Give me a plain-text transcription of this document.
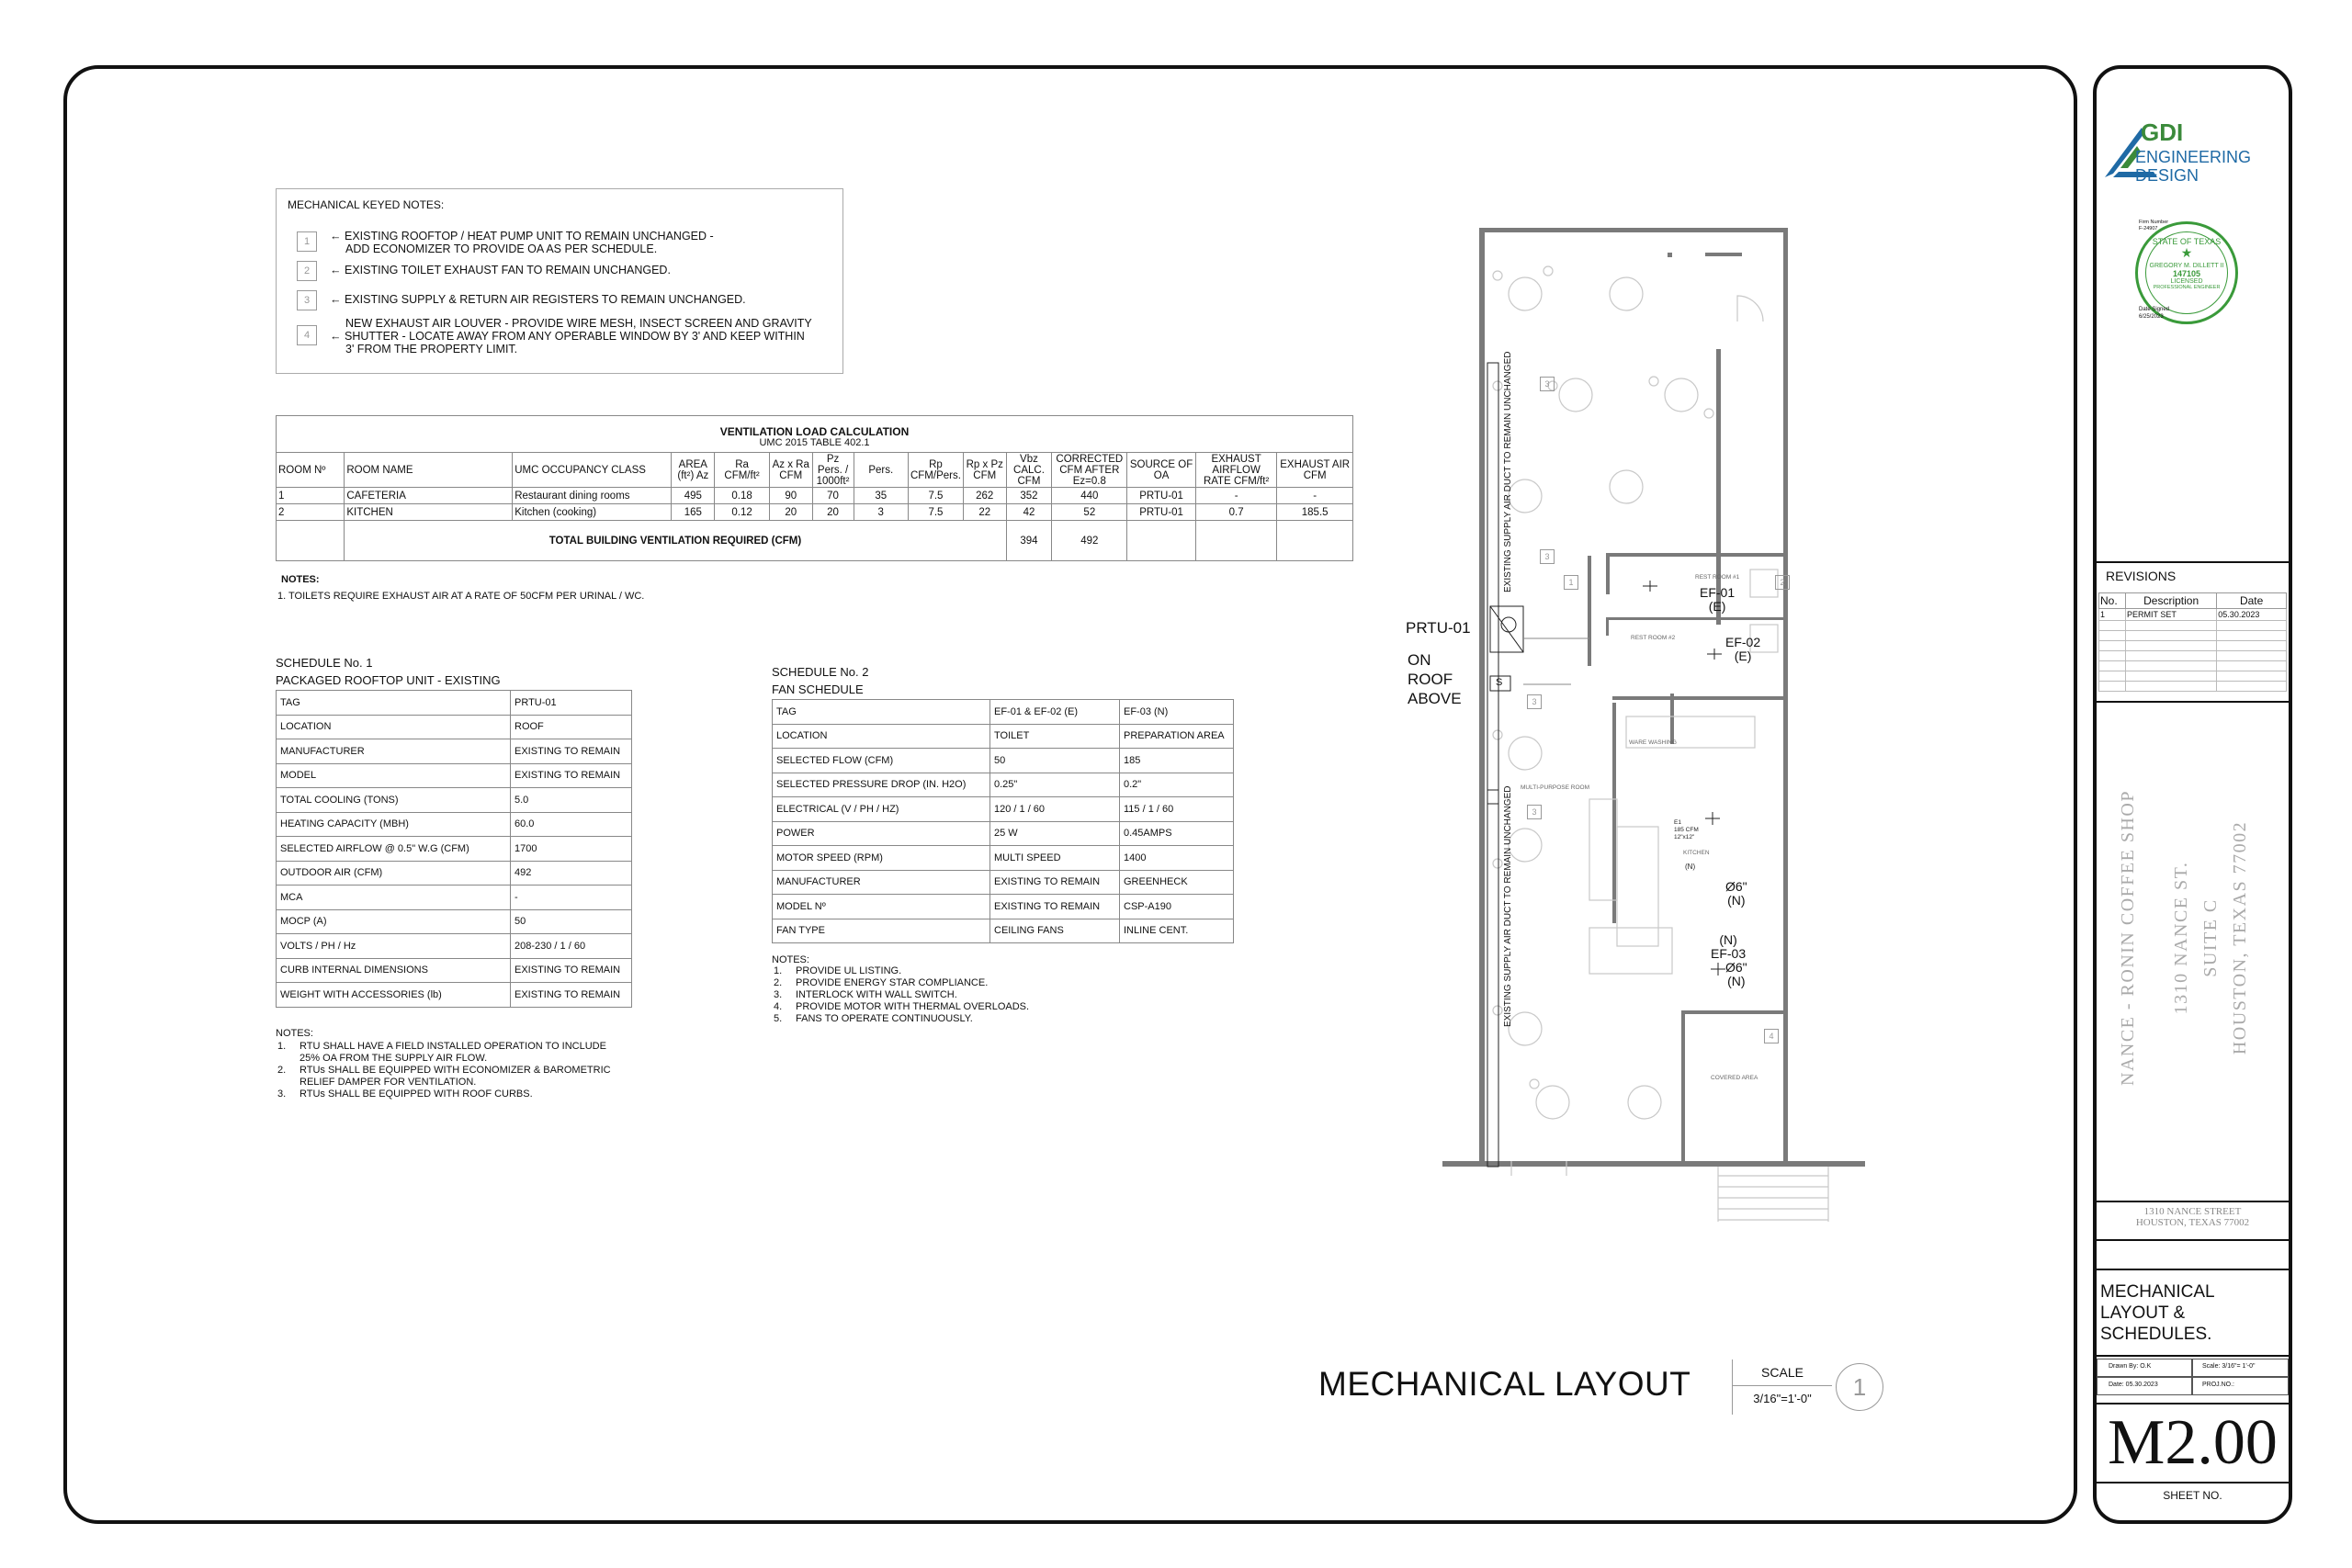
MECHANICAL KEYED NOTES:
1	← EXISTING ROOFTOP / HEAT PUMP UNIT TO REMAIN UNCHANGED -
ADD ECONOMIZER TO PROVIDE OA AS PER SCHEDULE.
2	← EXISTING TOILET EXHAUST FAN TO REMAIN UNCHANGED.
3	← EXISTING SUPPLY & RETURN AIR REGISTERS TO REMAIN UNCHANGED.
4
NEW EXHAUST AIR LOUVER - PROVIDE WIRE MESH, INSECT SCREEN AND GRAVITY
← SHUTTER - LOCATE AWAY FROM ANY OPERABLE WINDOW BY 3' AND KEEP WITHIN
3' FROM THE PROPERTY LIMIT.
VENTILATION LOAD CALCULATION
UMC 2015 TABLE 402.1														

ROOM Nº	ROOM NAME	UMC OCCUPANCY CLASS	AREA (ft²) Az	Ra CFM/ft²	Az x Ra CFM	Pz Pers. / 1000ft²	Pers.	Rp CFM/Pers.	Rp x Pz CFM	Vbz CALC. CFM	CORRECTED CFM AFTER Ez=0.8	SOURCE OF OA	EXHAUST AIRFLOW RATE CFM/ft²	EXHAUST AIR CFM
1	CAFETERIA	Restaurant dining rooms	495	0.18	90	70	35	7.5	262	352	440	PRTU-01	-	-
2	KITCHEN	Kitchen (cooking)	165	0.12	20	20	3	7.5	22	42	52	PRTU-01	0.7	185.5
	TOTAL BUILDING VENTILATION REQUIRED (CFM)									394	492			
NOTES:
1. TOILETS REQUIRE EXHAUST AIR AT A RATE OF 50CFM PER URINAL / WC.
SCHEDULE No. 1
PACKAGED ROOFTOP UNIT - EXISTING
TAG	PRTU-01
LOCATION	ROOF
MANUFACTURER	EXISTING TO REMAIN
MODEL	EXISTING TO REMAIN
TOTAL COOLING (TONS)	5.0
HEATING CAPACITY (MBH)	60.0
SELECTED AIRFLOW @ 0.5" W.G (CFM)	1700
OUTDOOR AIR (CFM)	492
MCA	-
MOCP (A)	50
VOLTS / PH / Hz	208-230 / 1 / 60
CURB INTERNAL DIMENSIONS	EXISTING TO REMAIN
WEIGHT WITH ACCESSORIES (lb)	EXISTING TO REMAIN
NOTES:
1. RTU SHALL HAVE A FIELD INSTALLED OPERATION TO INCLUDE
25% OA FROM THE SUPPLY AIR FLOW.
2. RTUs SHALL BE EQUIPPED WITH ECONOMIZER & BAROMETRIC
RELIEF DAMPER FOR VENTILATION.
3. RTUs SHALL BE EQUIPPED WITH ROOF CURBS.
SCHEDULE No. 2
FAN SCHEDULE
TAG	EF-01 & EF-02 (E)	EF-03 (N)
LOCATION	TOILET	PREPARATION AREA
SELECTED FLOW (CFM)	50	185
SELECTED PRESSURE DROP (IN. H2O)	0.25"	0.2"
ELECTRICAL (V / PH / HZ)	120 / 1 / 60	115 / 1 / 60
POWER	25 W	0.45AMPS
MOTOR SPEED (RPM)	MULTI SPEED	1400
MANUFACTURER	EXISTING TO REMAIN	GREENHECK
MODEL Nº	EXISTING TO REMAIN	CSP-A190
FAN TYPE	CEILING FANS	INLINE CENT.
NOTES:
1. PROVIDE UL LISTING.
2. PROVIDE ENERGY STAR COMPLIANCE.
3. INTERLOCK WITH WALL SWITCH.
4. PROVIDE MOTOR WITH THERMAL OVERLOADS.
5. FANS TO OPERATE CONTINUOUSLY.
EXISTING SUPPLY AIR DUCT TO REMAIN UNCHANGED
EXISTING SUPPLY AIR DUCT TO REMAIN UNCHANGED
REST ROOM #1
REST ROOM #2
WARE WASHING
MULTI-PURPOSE ROOM
KITCHEN
COVERED AREA
E1
185 CFM
12"x12"
(N)
EF-01
(E)
EF-02
(E)
Ø6"
(N)
(N)
EF-03
Ø6"
(N)
3
3
1	2
3
3
4
S
PRTU-01
ON
ROOF
ABOVE
MECHANICAL LAYOUT	SCALE
3/16"=1'-0"	1
GDI
ENGINEERING
DESIGN
Firm Number
F-24907
STATE OF TEXAS
★
GREGORY M. DILLETT II
147105
LICENSED
PROFESSIONAL ENGINEER
Date Signed
6/25/2023
REVISIONS
No.	Description	Date
1	PERMIT SET	05.30.2023

NANCE - RONIN COFFEE SHOP 1310 NANCE ST. SUITE C HOUSTON, TEXAS 77002
1310 NANCE STREET
HOUSTON, TEXAS 77002
MECHANICAL
LAYOUT &
SCHEDULES.
Drawn By: O.K	Scale: 3/16"= 1'-0"
Date: 05.30.2023	PROJ.NO.:
M2.00
SHEET NO.
